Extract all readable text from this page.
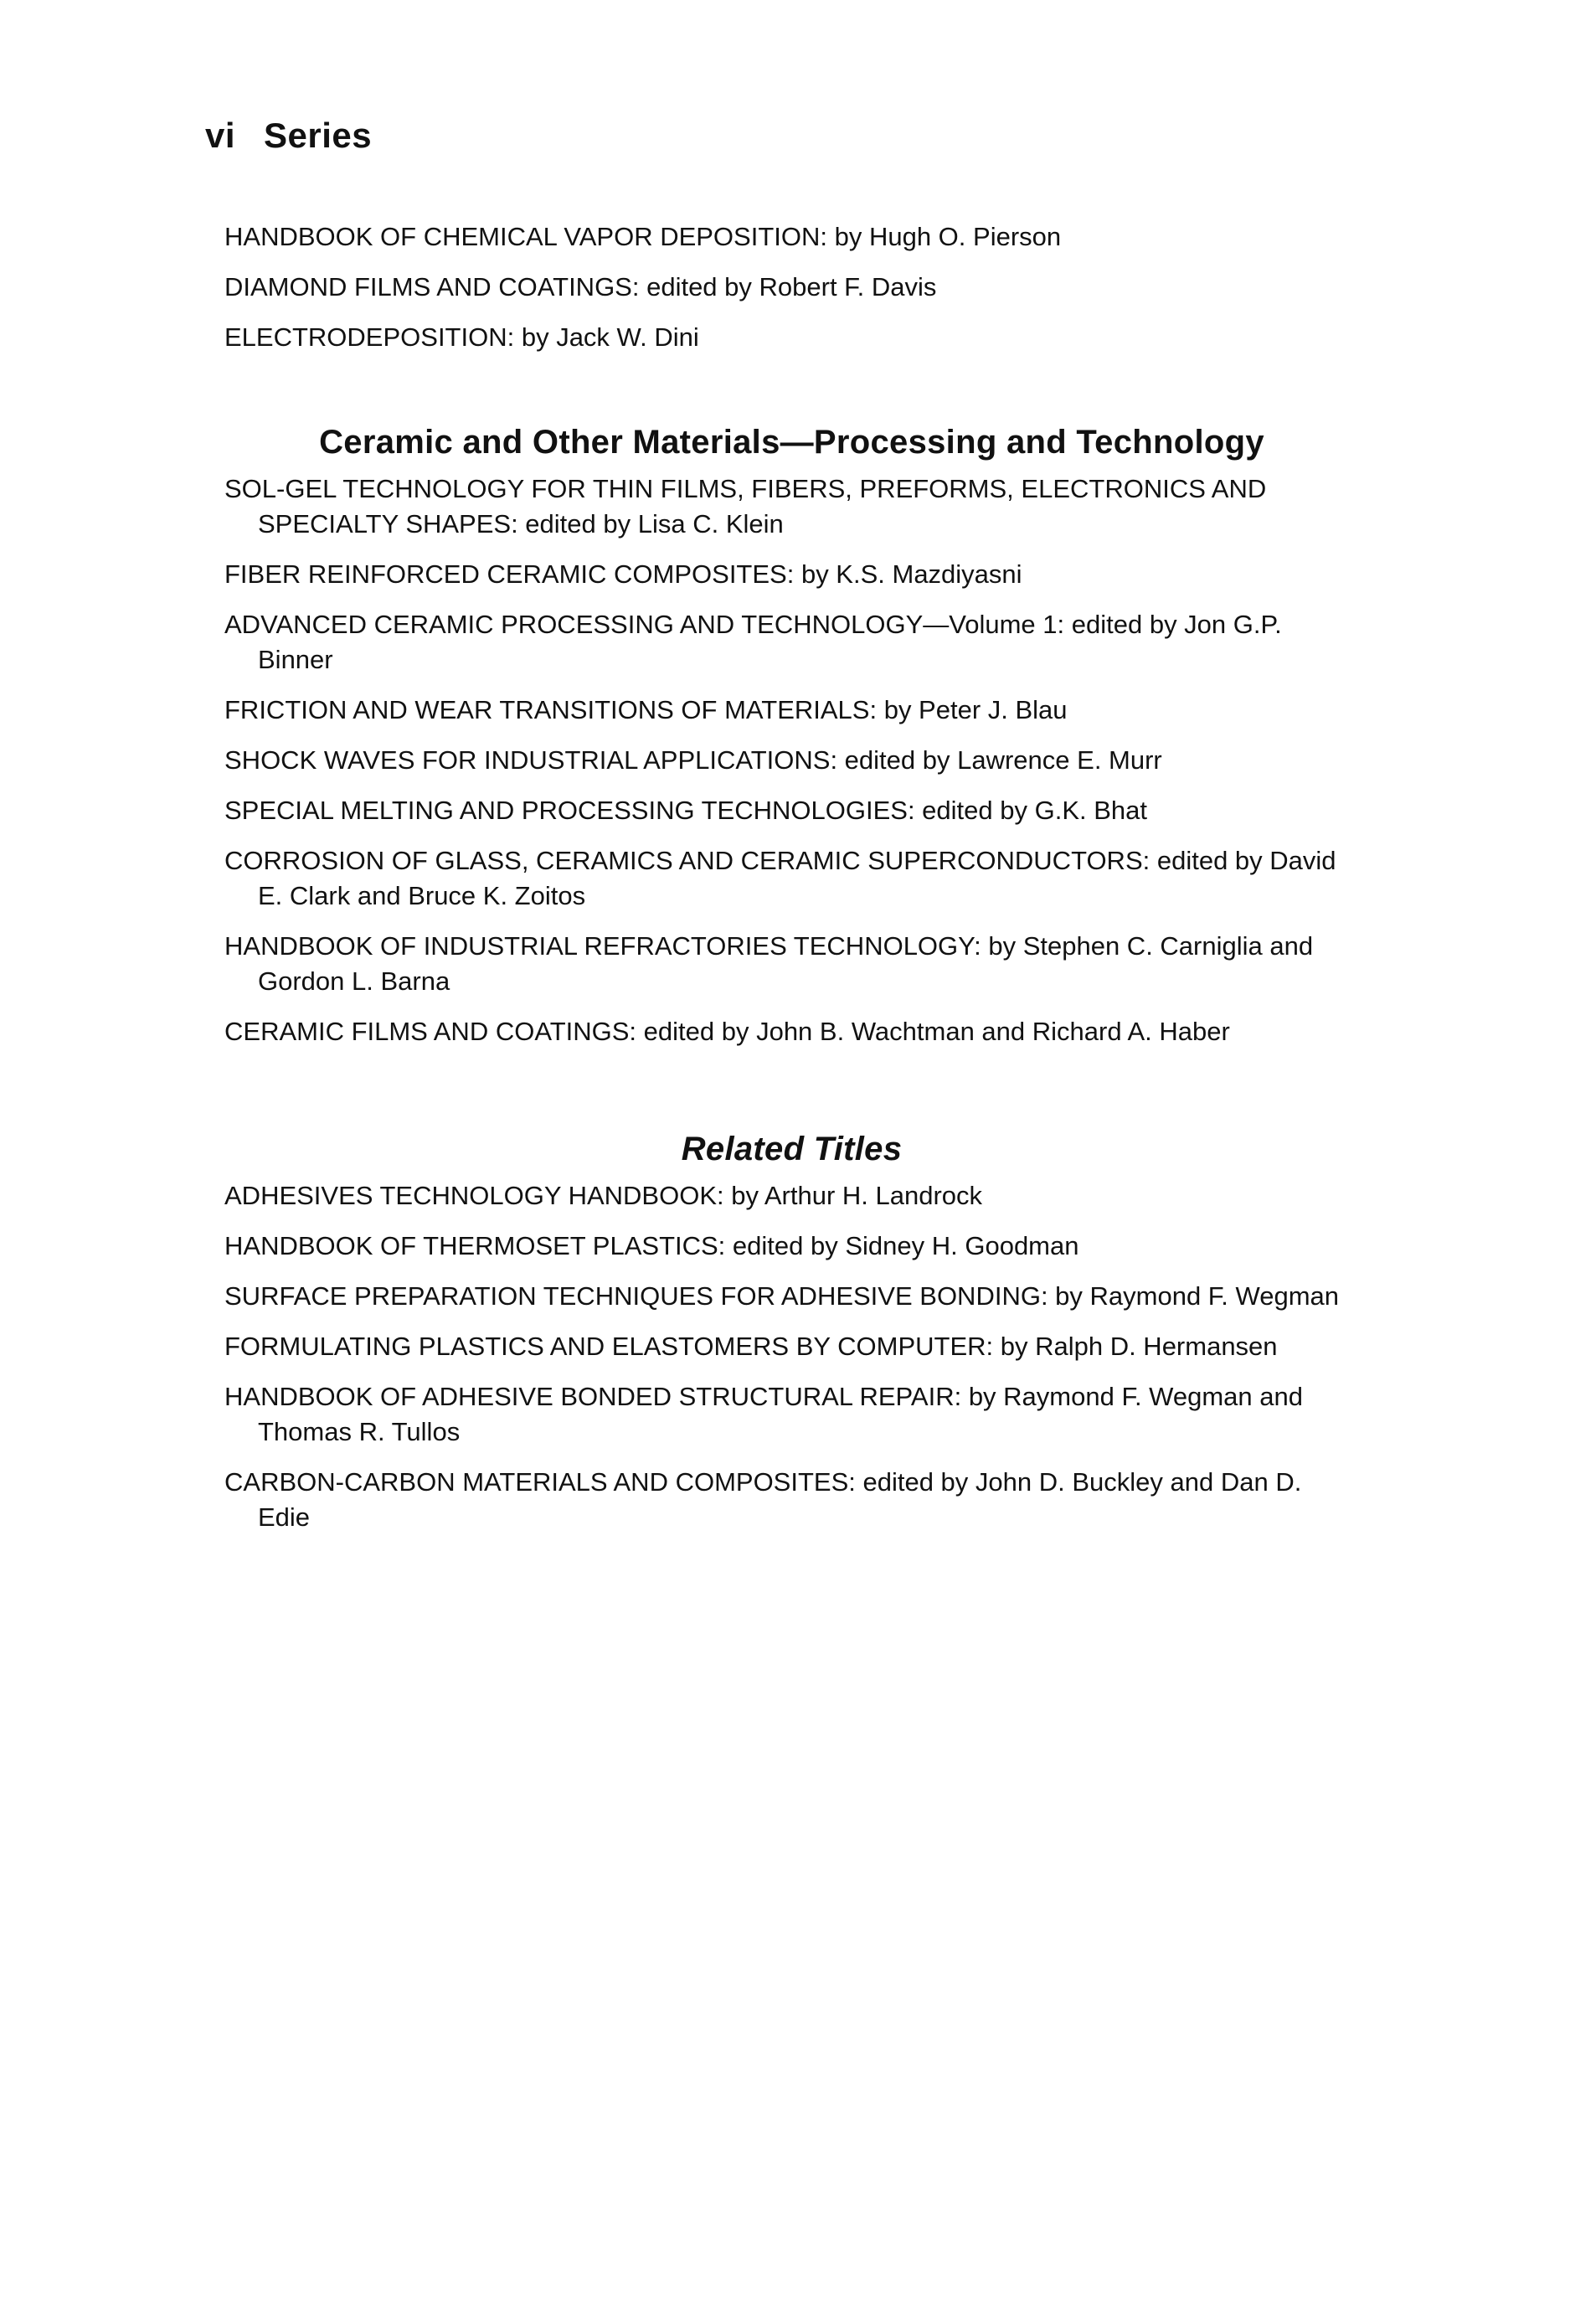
vi Series

HANDBOOK OF CHEMICAL VAPOR DEPOSITION: by Hugh O. Pierson

DIAMOND FILMS AND COATINGS: edited by Robert F. Davis

ELECTRODEPOSITION: by Jack W. Dini

Ceramic and Other Materials—Processing and Technology

SOL-GEL TECHNOLOGY FOR THIN FILMS, FIBERS, PREFORMS, ELECTRONICS AND SPECIALTY SHAPES: edited by Lisa C. Klein

FIBER REINFORCED CERAMIC COMPOSITES: by K.S. Mazdiyasni

ADVANCED CERAMIC PROCESSING AND TECHNOLOGY—Volume 1: edited by Jon G.P. Binner

FRICTION AND WEAR TRANSITIONS OF MATERIALS: by Peter J. Blau

SHOCK WAVES FOR INDUSTRIAL APPLICATIONS: edited by Lawrence E. Murr

SPECIAL MELTING AND PROCESSING TECHNOLOGIES: edited by G.K. Bhat

CORROSION OF GLASS, CERAMICS AND CERAMIC SUPERCONDUCTORS: edited by David E. Clark and Bruce K. Zoitos

HANDBOOK OF INDUSTRIAL REFRACTORIES TECHNOLOGY: by Stephen C. Carniglia and Gordon L. Barna

CERAMIC FILMS AND COATINGS: edited by John B. Wachtman and Richard A. Haber

Related Titles

ADHESIVES TECHNOLOGY HANDBOOK: by Arthur H. Landrock

HANDBOOK OF THERMOSET PLASTICS: edited by Sidney H. Goodman

SURFACE PREPARATION TECHNIQUES FOR ADHESIVE BONDING: by Raymond F. Wegman

FORMULATING PLASTICS AND ELASTOMERS BY COMPUTER: by Ralph D. Hermansen

HANDBOOK OF ADHESIVE BONDED STRUCTURAL REPAIR: by Raymond F. Wegman and Thomas R. Tullos

CARBON-CARBON MATERIALS AND COMPOSITES: edited by John D. Buckley and Dan D. Edie
